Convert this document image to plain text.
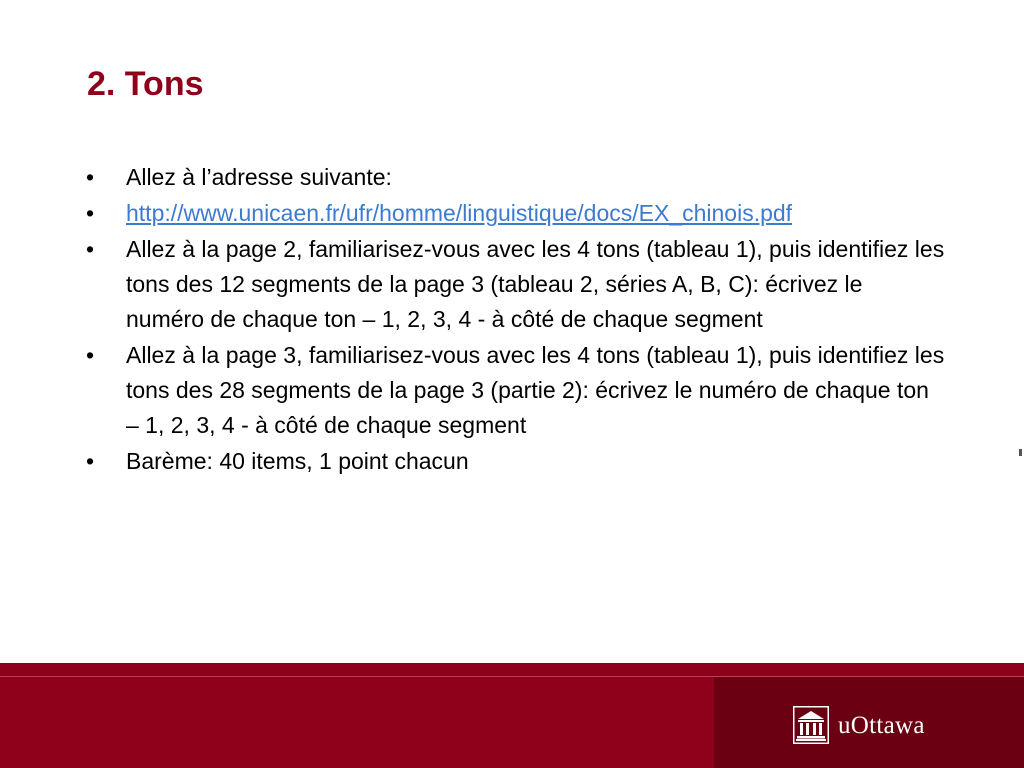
2. Tons
•	Allez à l’adresse suivante:
•	http://www.unicaen.fr/ufr/homme/linguistique/docs/EX_chinois.pdf
•	Allez à la page 2, familiarisez-vous avec les 4 tons (tableau 1), puis identifiez les tons des 12 segments de la page 3 (tableau 2, séries A, B, C): écrivez le numéro de chaque ton – 1, 2, 3, 4 - à côté de chaque segment
•	Allez à la page 3, familiarisez-vous avec les 4 tons (tableau 1), puis identifiez les tons des 28 segments de la page 3 (partie 2): écrivez le numéro de chaque ton – 1, 2, 3, 4 - à côté de chaque segment
•	Barème: 40 items, 1 point chacun
uOttawa
